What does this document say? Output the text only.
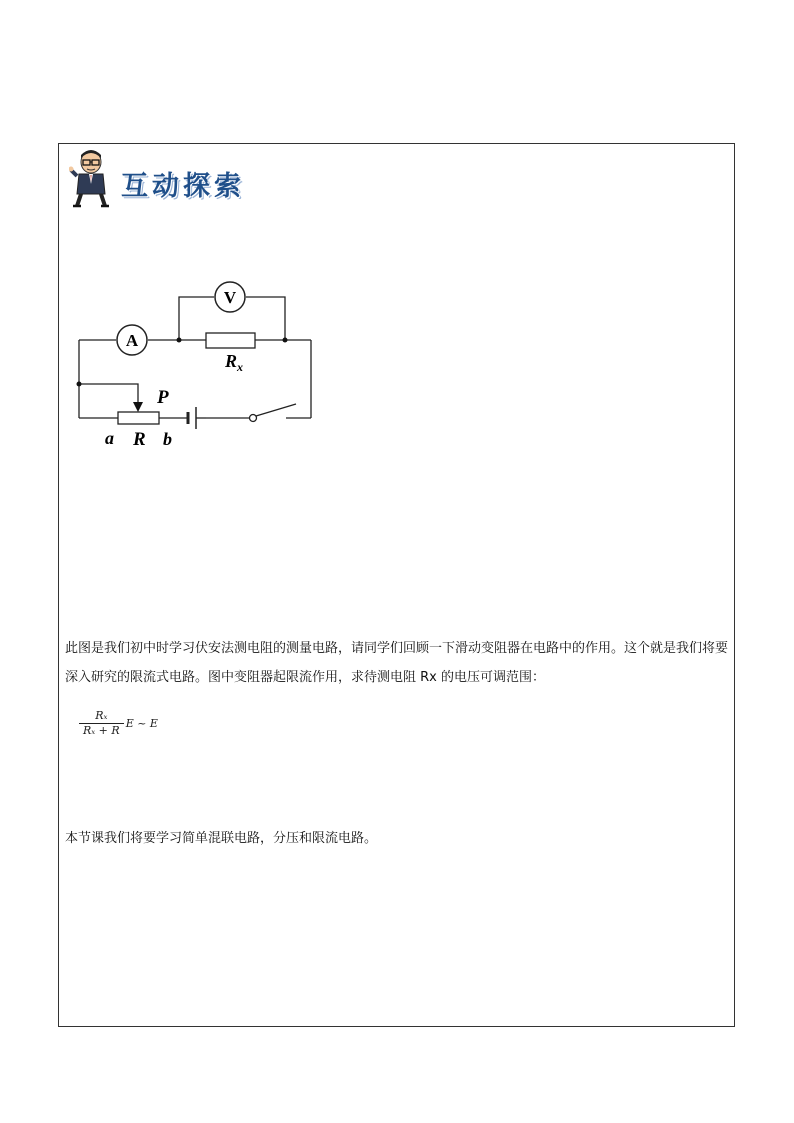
互动探索
V
A
$R_x$
P
a R b
此图是我们初中时学习伏安法测电阻的测量电路，请同学们回顾一下滑动变阻器在电路中的作用。这个就是我们将要深入研究的限流式电路。图中变阻器起限流作用，求待测电阻 Rx 的电压可调范围：
$\frac{\text{Rₓ}}{\text{Rₓ + R}}$ E ~ E
本节课我们将要学习简单混联电路，分压和限流电路。
